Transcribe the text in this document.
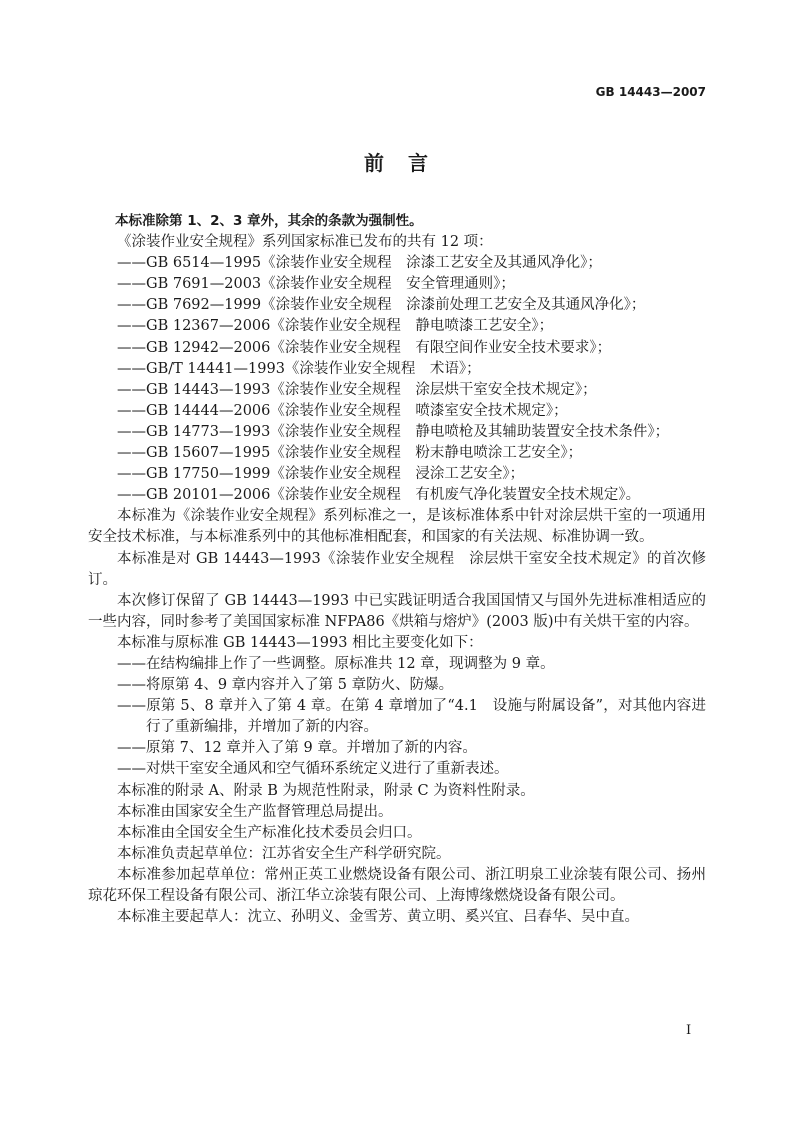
GB 14443—2007
前　言

本标准除第 1、2、3 章外，其余的条款为强制性。

《涂装作业安全规程》系列国家标准已发布的共有 12 项：

——GB 6514—1995《涂装作业安全规程　涂漆工艺安全及其通风净化》；

——GB 7691—2003《涂装作业安全规程　安全管理通则》；

——GB 7692—1999《涂装作业安全规程　涂漆前处理工艺安全及其通风净化》；

——GB 12367—2006《涂装作业安全规程　静电喷漆工艺安全》；

——GB 12942—2006《涂装作业安全规程　有限空间作业安全技术要求》；

——GB/T 14441—1993《涂装作业安全规程　术语》；

——GB 14443—1993《涂装作业安全规程　涂层烘干室安全技术规定》；

——GB 14444—2006《涂装作业安全规程　喷漆室安全技术规定》；

——GB 14773—1993《涂装作业安全规程　静电喷枪及其辅助装置安全技术条件》；

——GB 15607—1995《涂装作业安全规程　粉末静电喷涂工艺安全》；

——GB 17750—1999《涂装作业安全规程　浸涂工艺安全》；

——GB 20101—2006《涂装作业安全规程　有机废气净化装置安全技术规定》。

本标准为《涂装作业安全规程》系列标准之一，是该标准体系中针对涂层烘干室的一项通用安全技术标准，与本标准系列中的其他标准相配套，和国家的有关法规、标准协调一致。

本标准是对 GB 14443—1993《涂装作业安全规程　涂层烘干室安全技术规定》的首次修订。

本次修订保留了 GB 14443—1993 中已实践证明适合我国国情又与国外先进标准相适应的一些内容，同时参考了美国国家标准 NFPA86《烘箱与熔炉》(2003 版)中有关烘干室的内容。

本标准与原标准 GB 14443—1993 相比主要变化如下：

——在结构编排上作了一些调整。原标准共 12 章，现调整为 9 章。

——将原第 4、9 章内容并入了第 5 章防火、防爆。

——原第 5、8 章并入了第 4 章。在第 4 章增加了“4.1　设施与附属设备”，对其他内容进行了重新编排，并增加了新的内容。

——原第 7、12 章并入了第 9 章。并增加了新的内容。

——对烘干室安全通风和空气循环系统定义进行了重新表述。

本标准的附录 A、附录 B 为规范性附录，附录 C 为资料性附录。

本标准由国家安全生产监督管理总局提出。

本标准由全国安全生产标准化技术委员会归口。

本标准负责起草单位：江苏省安全生产科学研究院。

本标准参加起草单位：常州正英工业燃烧设备有限公司、浙江明泉工业涂装有限公司、扬州琼花环保工程设备有限公司、浙江华立涂装有限公司、上海博缘燃烧设备有限公司。

本标准主要起草人：沈立、孙明义、金雪芳、黄立明、奚兴宜、吕春华、吴中直。

I
